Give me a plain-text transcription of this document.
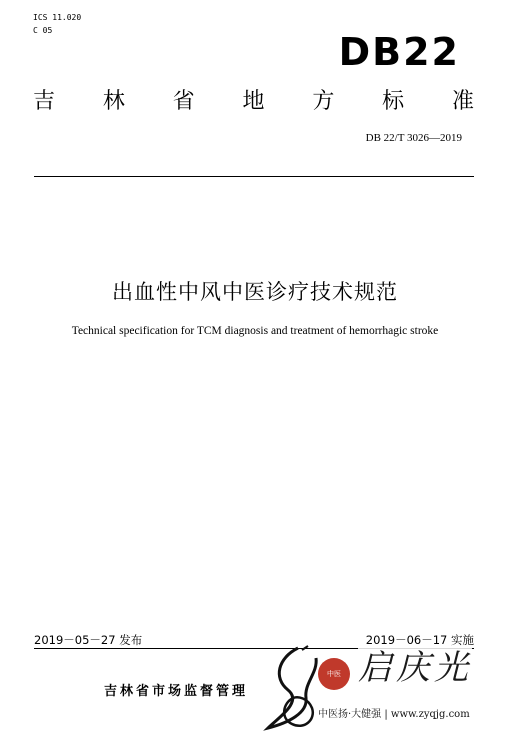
ICS 11.020
C 05	DB22
吉 林 省 地 方 标 准
DB 22/T 3026—2019
出血性中风中医诊疗技术规范
Technical specification for TCM diagnosis and treatment of hemorrhagic stroke
2019－05－27 发布	2019－06－17 实施
吉林省市场监督管理
中医 启庆光
中医扬·大健强 | www.zyqjg.com
